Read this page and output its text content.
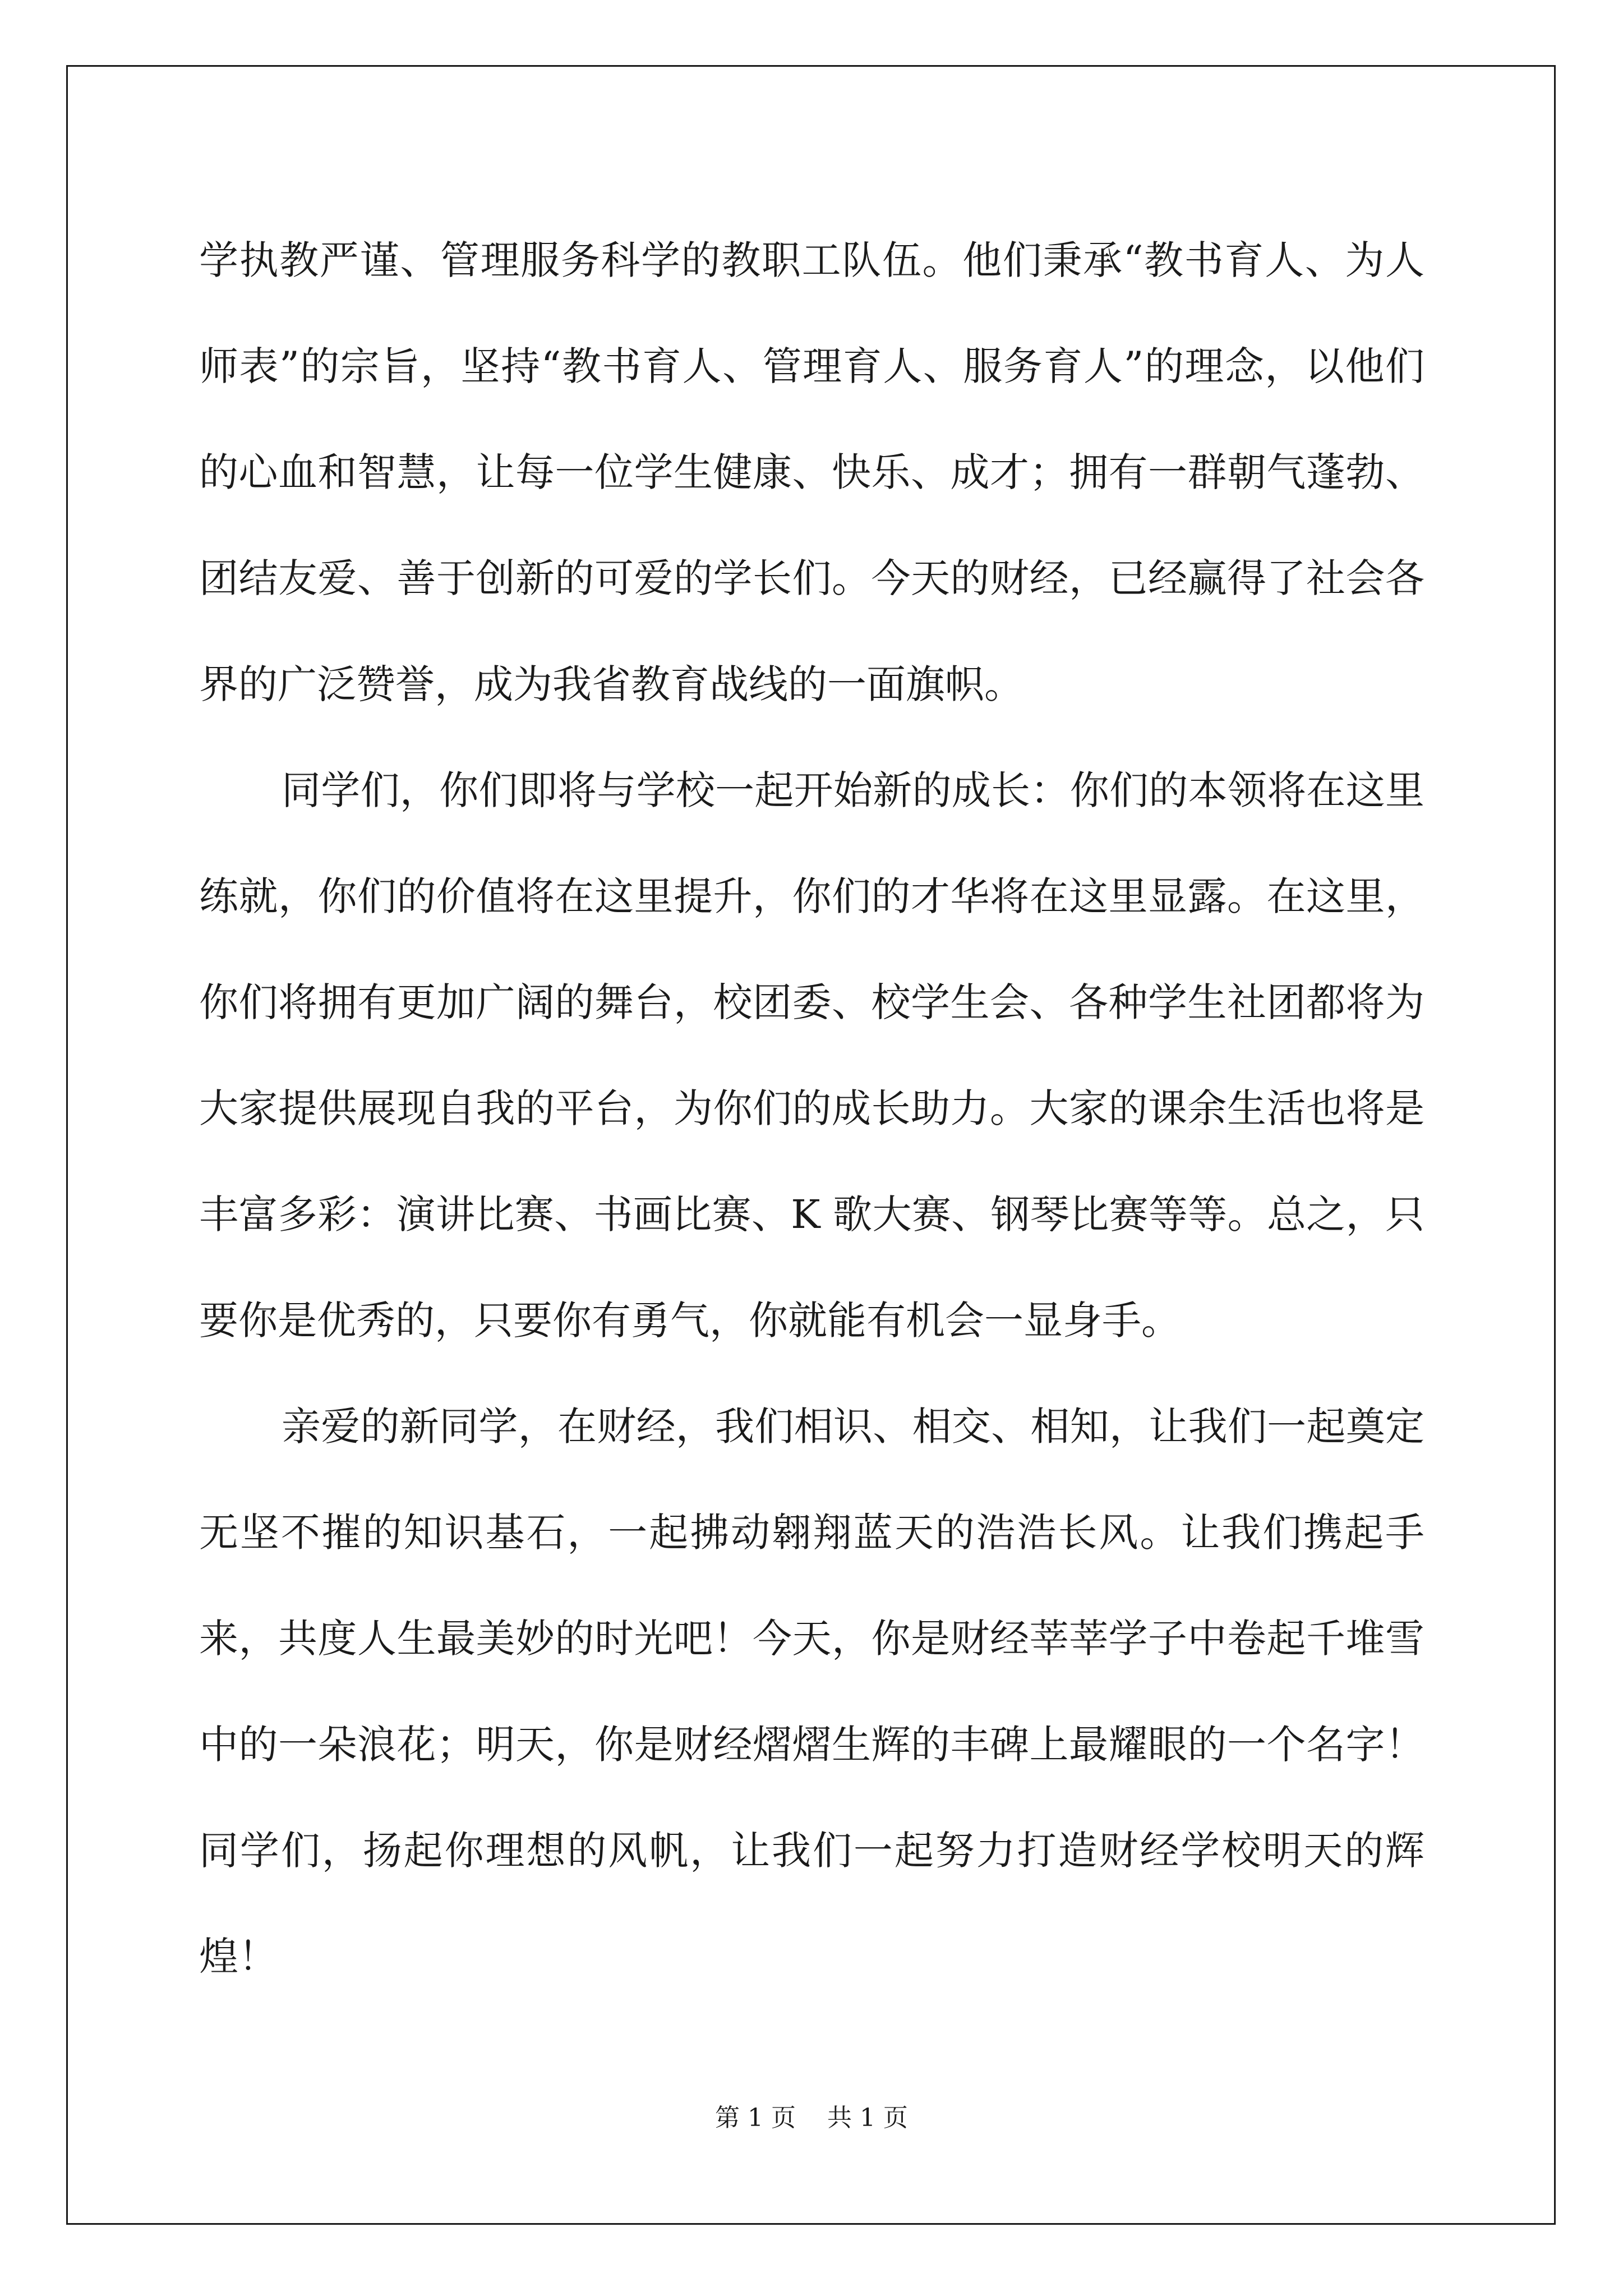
学执教严谨、管理服务科学的教职工队伍。他们秉承“教书育人、为人师表”的宗旨，坚持“教书育人、管理育人、服务育人”的理念，以他们的心血和智慧，让每一位学生健康、快乐、成才；拥有一群朝气蓬勃、团结友爱、善于创新的可爱的学长们。今天的财经，已经赢得了社会各界的广泛赞誉，成为我省教育战线的一面旗帜。

同学们，你们即将与学校一起开始新的成长：你们的本领将在这里练就，你们的价值将在这里提升，你们的才华将在这里显露。在这里，你们将拥有更加广阔的舞台，校团委、校学生会、各种学生社团都将为大家提供展现自我的平台，为你们的成长助力。大家的课余生活也将是丰富多彩：演讲比赛、书画比赛、K 歌大赛、钢琴比赛等等。总之，只要你是优秀的，只要你有勇气，你就能有机会一显身手。

亲爱的新同学，在财经，我们相识、相交、相知，让我们一起奠定无坚不摧的知识基石，一起拂动翱翔蓝天的浩浩长风。让我们携起手来，共度人生最美妙的时光吧！今天，你是财经莘莘学子中卷起千堆雪中的一朵浪花；明天，你是财经熠熠生辉的丰碑上最耀眼的一个名字！同学们，扬起你理想的风帆，让我们一起努力打造财经学校明天的辉煌！

第 1 页 共 1 页
